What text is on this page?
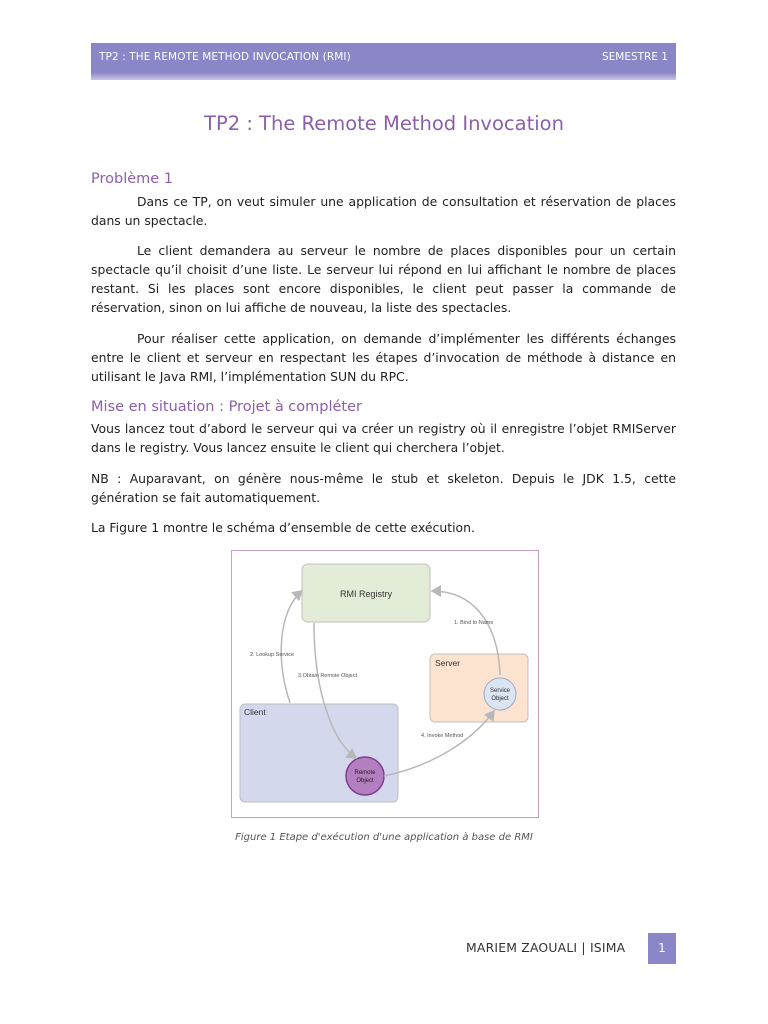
TP2 : THE REMOTE METHOD INVOCATION (RMI)	SEMESTRE 1
TP2 : The Remote Method Invocation
Problème 1

Dans ce TP, on veut simuler une application de consultation et réservation de places dans un spectacle.

Le client demandera au serveur le nombre de places disponibles pour un certain spectacle qu’il choisit d’une liste. Le serveur lui répond en lui affichant le nombre de places restant. Si les places sont encore disponibles, le client peut passer la commande de réservation, sinon on lui affiche de nouveau, la liste des spectacles.

Pour réaliser cette application, on demande d’implémenter les différents échanges entre le client et serveur en respectant les étapes d’invocation de méthode à distance en utilisant le Java RMI, l’implémentation SUN du RPC.

Mise en situation : Projet à compléter

Vous lancez tout d’abord le serveur qui va créer un registry où il enregistre l’objet RMIServer dans le registry. Vous lancez ensuite le client qui cherchera l’objet.

NB : Auparavant, on génère nous-même le stub et skeleton. Depuis le JDK 1.5, cette génération se fait automatiquement.

La Figure 1 montre le schéma d’ensemble de cette exécution.

RMI Registry
Server
Service
Object
Client
Remote
Object
1. Bind to Name
2. Lookup Service
3.Obtain Remote Object
4. Invoke Method
Figure 1 Etape d'exécution d'une application à base de RMI
MARIEM ZAOUALI | ISIMA	1
